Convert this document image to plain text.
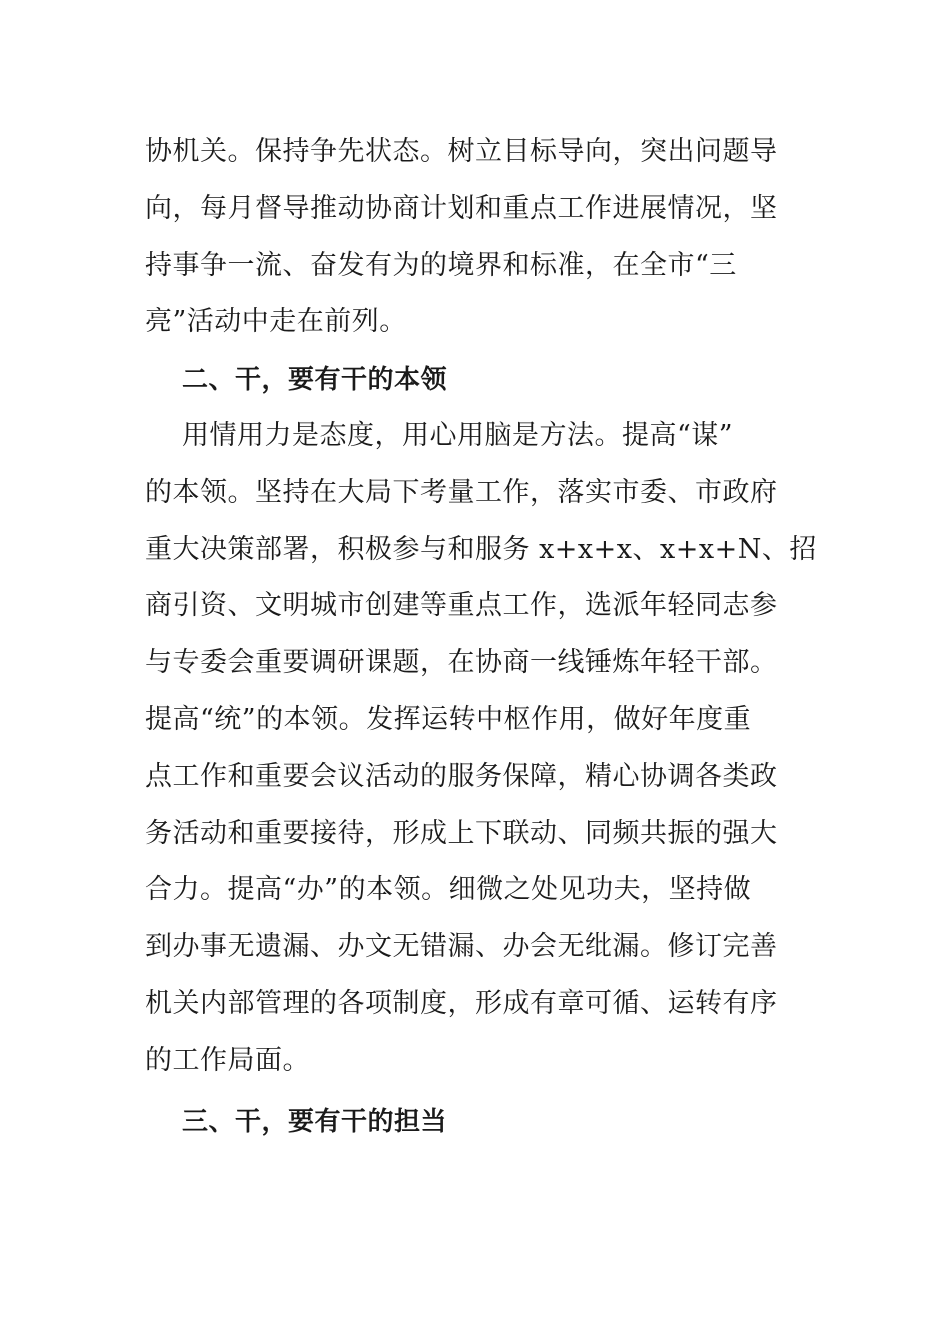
协机关。保持争先状态。树立目标导向，突出问题导
向，每月督导推动协商计划和重点工作进展情况，坚
持事争一流、奋发有为的境界和标准，在全市“三
亮”活动中走在前列。
二、干，要有干的本领
用情用力是态度，用心用脑是方法。提高“谋”
的本领。坚持在大局下考量工作，落实市委、市政府
重大决策部署，积极参与和服务 x+x+x、x+x+N、招
商引资、文明城市创建等重点工作，选派年轻同志参
与专委会重要调研课题，在协商一线锤炼年轻干部。
提高“统”的本领。发挥运转中枢作用，做好年度重
点工作和重要会议活动的服务保障，精心协调各类政
务活动和重要接待，形成上下联动、同频共振的强大
合力。提高“办”的本领。细微之处见功夫，坚持做
到办事无遗漏、办文无错漏、办会无纰漏。修订完善
机关内部管理的各项制度，形成有章可循、运转有序
的工作局面。
三、干，要有干的担当
